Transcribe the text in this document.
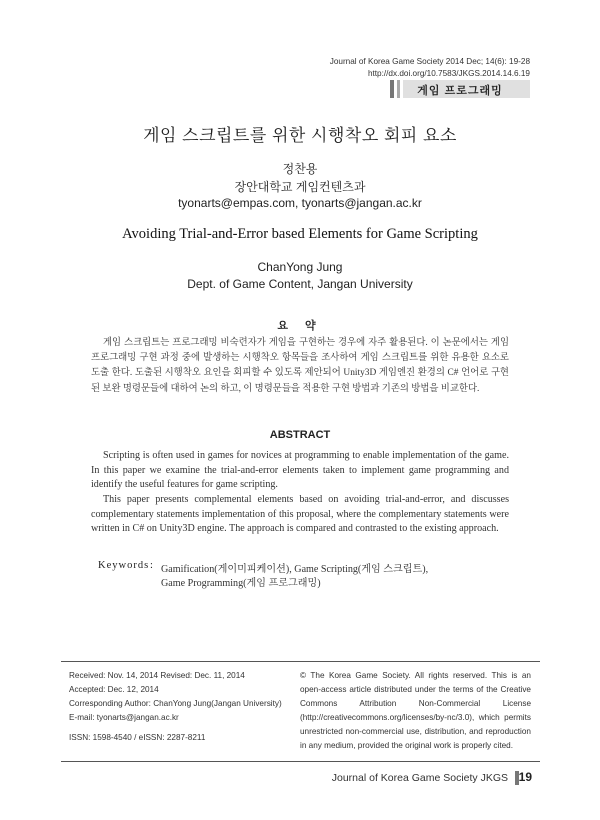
Journal of Korea Game Society 2014 Dec; 14(6): 19-28
http://dx.doi.org/10.7583/JKGS.2014.14.6.19
게임 프로그래밍
게임 스크립트를 위한 시행착오 회피 요소
정찬용
장안대학교 게임컨텐츠과
tyonarts@empas.com, tyonarts@jangan.ac.kr
Avoiding Trial-and-Error based Elements for Game Scripting
ChanYong Jung
Dept. of Game Content, Jangan University
요 약
게임 스크립트는 프로그래밍 비숙련자가 게임을 구현하는 경우에 자주 활용된다. 이 논문에서는 게임 프로그래밍 구현 과정 중에 발생하는 시행착오 항목들을 조사하여 게임 스크립트를 위한 유용한 요소로 도출 한다. 도출된 시행착오 요인을 회피할 수 있도록 제안되어 Unity3D 게임엔진 환경의 C# 언어로 구현된 보완 명령문들에 대하여 논의 하고, 이 명령문들을 적용한 구현 방법과 기존의 방법을 비교한다.
ABSTRACT
Scripting is often used in games for novices at programming to enable implementation of the game. In this paper we examine the trial-and-error elements taken to implement game programming and identify the useful features for game scripting.
This paper presents complemental elements based on avoiding trial-and-error, and discusses complementary statements implementation of this proposal, where the complementary statements were written in C# on Unity3D engine. The approach is compared and contrasted to the existing approach.
Keywords : Gamification(게이미피케이션), Game Scripting(게임 스크립트),
Game Programming(게임 프로그래밍)
Received: Nov. 14, 2014 Revised: Dec. 11, 2014
Accepted: Dec. 12, 2014
Corresponding Author: ChanYong Jung(Jangan University)
E-mail: tyonarts@jangan.ac.kr
ISSN: 1598-4540 / eISSN: 2287-8211
© The Korea Game Society. All rights reserved. This is an open-access article distributed under the terms of the Creative Commons Attribution Non-Commercial License (http://creativecommons.org/licenses/by-nc/3.0), which permits unrestricted non-commercial use, distribution, and reproduction in any medium, provided the original work is properly cited.
Journal of Korea Game Society JKGS 19
